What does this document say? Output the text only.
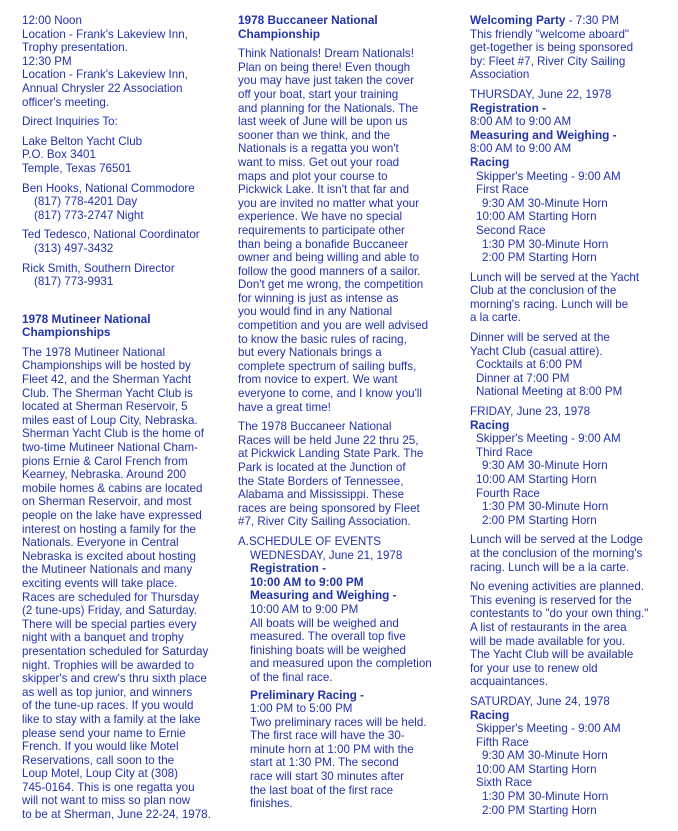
12:00 Noon
Location - Frank's Lakeview Inn,
Trophy presentation.
12:30 PM
Location - Frank's Lakeview Inn,
Annual Chrysler 22 Association
officer's meeting.
Direct Inquiries To:
Lake Belton Yacht Club
P.O. Box 3401
Temple, Texas 76501
Ben Hooks, National Commodore
(817) 778-4201 Day
(817) 773-2747 Night
Ted Tedesco, National Coordinator
(313) 497-3432
Rick Smith, Southern Director
(817) 773-9931
1978 Mutineer National
Championships
The 1978 Mutineer National
Championships will be hosted by
Fleet 42, and the Sherman Yacht
Club. The Sherman Yacht Club is
located at Sherman Reservoir, 5
miles east of Loup City, Nebraska.
Sherman Yacht Club is the home of
two-time Mutineer National Cham-
pions Ernie & Carol French from
Kearney, Nebraska. Around 200
mobile homes & cabins are located
on Sherman Reservoir, and most
people on the lake have expressed
interest on hosting a family for the
Nationals. Everyone in Central
Nebraska is excited about hosting
the Mutineer Nationals and many
exciting events will take place.
Races are scheduled for Thursday
(2 tune-ups) Friday, and Saturday.
There will be special parties every
night with a banquet and trophy
presentation scheduled for Saturday
night. Trophies will be awarded to
skipper's and crew's thru sixth place
as well as top junior, and winners
of the tune-up races. If you would
like to stay with a family at the lake
please send your name to Ernie
French. If you would like Motel
Reservations, call soon to the
Loup Motel, Loup City at (308)
745-0164. This is one regatta you
will not want to miss so plan now
to be at Sherman, June 22-24, 1978.
1978 Buccaneer National
Championship
Think Nationals! Dream Nationals!
Plan on being there! Even though
you may have just taken the cover
off your boat, start your training
and planning for the Nationals. The
last week of June will be upon us
sooner than we think, and the
Nationals is a regatta you won't
want to miss. Get out your road
maps and plot your course to
Pickwick Lake. It isn't that far and
you are invited no matter what your
experience. We have no special
requirements to participate other
than being a bonafide Buccaneer
owner and being willing and able to
follow the good manners of a sailor.
Don't get me wrong, the competition
for winning is just as intense as
you would find in any National
competition and you are well advised
to know the basic rules of racing,
but every Nationals brings a
complete spectrum of sailing buffs,
from novice to expert. We want
everyone to come, and I know you'll
have a great time!
The 1978 Buccaneer National
Races will be held June 22 thru 25,
at Pickwick Landing State Park. The
Park is located at the Junction of
the State Borders of Tennessee,
Alabama and Mississippi. These
races are being sponsored by Fleet
#7, River City Sailing Association.
A.SCHEDULE OF EVENTS
WEDNESDAY, June 21, 1978
Registration -
10:00 AM to 9:00 PM
Measuring and Weighing -
10:00 AM to 9:00 PM
All boats will be weighed and
measured. The overall top five
finishing boats will be weighed
and measured upon the completion
of the final race.
Preliminary Racing -
1:00 PM to 5:00 PM
Two preliminary races will be held.
The first race will have the 30-
minute horn at 1:00 PM with the
start at 1:30 PM. The second
race will start 30 minutes after
the last boat of the first race
finishes.
Welcoming Party - 7:30 PM
This friendly "welcome aboard"
get-together is being sponsored
by: Fleet #7, River City Sailing
Association
THURSDAY, June 22, 1978
Registration -
8:00 AM to 9:00 AM
Measuring and Weighing -
8:00 AM to 9:00 AM
Racing
Skipper's Meeting - 9:00 AM
First Race
9:30 AM 30-Minute Horn
10:00 AM Starting Horn
Second Race
1:30 PM 30-Minute Horn
2:00 PM Starting Horn
Lunch will be served at the Yacht
Club at the conclusion of the
morning's racing. Lunch will be
a la carte.
Dinner will be served at the
Yacht Club (casual attire).
Cocktails at 6:00 PM
Dinner at 7:00 PM
National Meeting at 8:00 PM
FRIDAY, June 23, 1978
Racing
Skipper's Meeting - 9:00 AM
Third Race
9:30 AM 30-Minute Horn
10:00 AM Starting Horn
Fourth Race
1:30 PM 30-Minute Horn
2:00 PM Starting Horn
Lunch will be served at the Lodge
at the conclusion of the morning's
racing. Lunch will be a la carte.
No evening activities are planned.
This evening is reserved for the
contestants to "do your own thing."
A list of restaurants in the area
will be made available for you.
The Yacht Club will be available
for your use to renew old
acquaintances.
SATURDAY, June 24, 1978
Racing
Skipper's Meeting - 9:00 AM
Fifth Race
9:30 AM 30-Minute Horn
10:00 AM Starting Horn
Sixth Race
1:30 PM 30-Minute Horn
2:00 PM Starting Horn
